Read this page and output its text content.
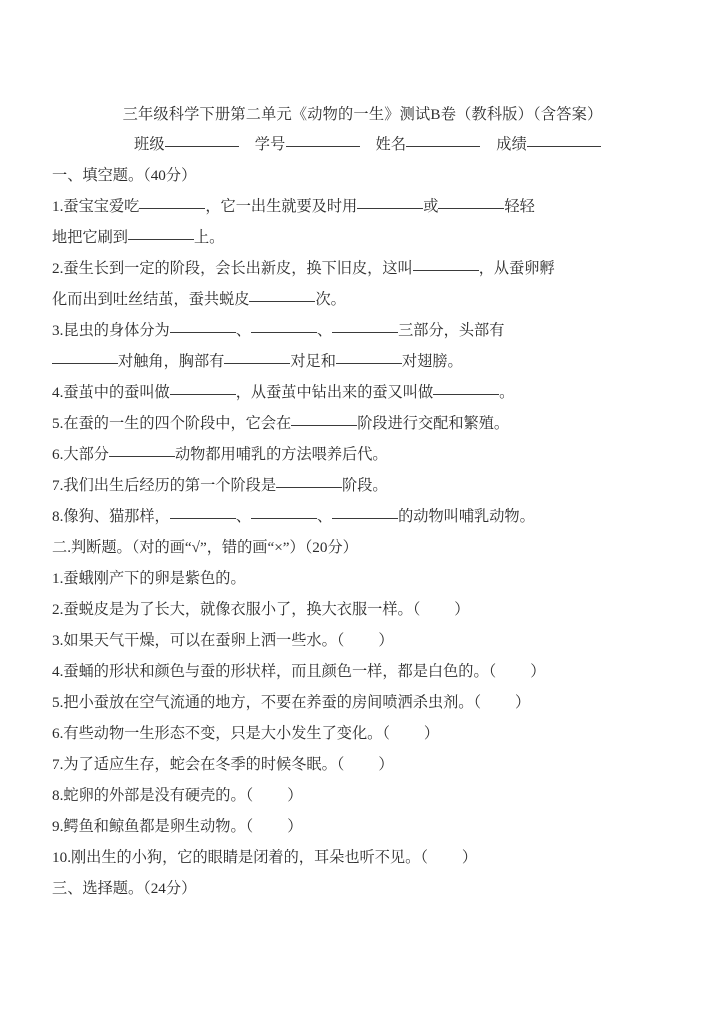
三年级科学下册第二单元《动物的一生》测试B卷（教科版）（含答案）
班级	学号	姓名	成绩
一、填空题。（40分）
1.蚕宝宝爱吃	，它一出生就要及时用	或	轻轻
地把它刷到	上。
2.蚕生长到一定的阶段，会长出新皮，换下旧皮，这叫	，从蚕卵孵
化而出到吐丝结茧，蚕共蜕皮	次。
3.昆虫的身体分为	、	、	三部分，头部有
对触角，胸部有	对足和	对翅膀。
4.蚕茧中的蚕叫做	，从蚕茧中钻出来的蚕又叫做	。
5.在蚕的一生的四个阶段中，它会在	阶段进行交配和繁殖。
6.大部分	动物都用哺乳的方法喂养后代。
7.我们出生后经历的第一个阶段是	阶段。
8.像狗、猫那样，	、	、	的动物叫哺乳动物。
二.判断题。（对的画“√”，错的画“×”）（20分）
1.蚕蛾刚产下的卵是紫色的。
2.蚕蜕皮是为了长大，就像衣服小了，换大衣服一样。（ ）
3.如果天气干燥，可以在蚕卵上洒一些水。（ ）
4.蚕蛹的形状和颜色与蚕的形状样，而且颜色一样，都是白色的。（ ）
5.把小蚕放在空气流通的地方，不要在养蚕的房间喷洒杀虫剂。（ ）
6.有些动物一生形态不变，只是大小发生了变化。（ ）
7.为了适应生存，蛇会在冬季的时候冬眠。（ ）
8.蛇卵的外部是没有硬壳的。（ ）
9.鳄鱼和鲸鱼都是卵生动物。（ ）
10.刚出生的小狗，它的眼睛是闭着的，耳朵也听不见。（ ）
三、选择题。（24分）
